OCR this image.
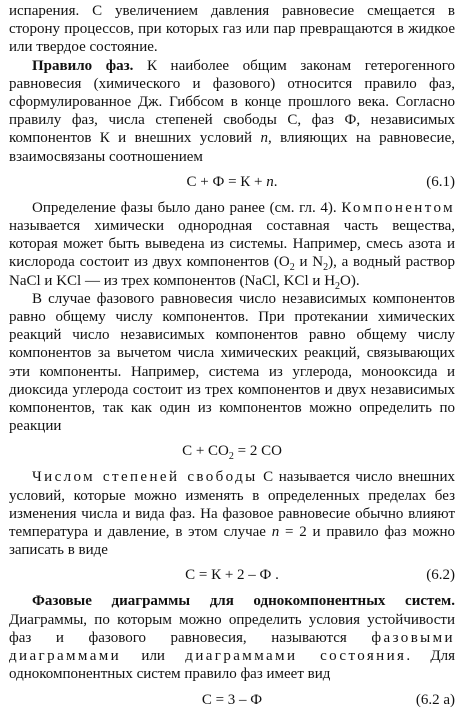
испарения. С увеличением давления равновесие смещается в сторону процессов, при которых газ или пар превращаются в жидкое или твердое состояние.

Правило фаз. К наиболее общим законам гетерогенного равновесия (химического и фазового) относится правило фаз, сформулированное Дж. Гиббсом в конце прошлого века. Согласно правилу фаз, числа степеней свободы С, фаз Ф, независимых компонентов К и внешних условий n, влияющих на равновесие, взаимосвязаны соотношением

С + Ф = К + n.	(6.1)

Определение фазы было дано ранее (см. гл. 4). Компонентом называется химически однородная составная часть вещества, которая может быть выведена из системы. Например, смесь азота и кислорода состоит из двух компонентов ($O_2$ и $N_2$), а водный раствор NaCl и KCl — из трех компонентов (NaCl, KCl и $H_2O$).

В случае фазового равновесия число независимых компонентов равно общему числу компонентов. При протекании химических реакций число независимых компонентов равно общему числу компонентов за вычетом числа химических реакций, связывающих эти компоненты. Например, система из углерода, монооксида и диоксида углерода состоит из трех компонентов и двух независимых компонентов, так как один из компонентов можно определить по реакции

$С + CO_2 = 2$ CO

Числом степеней свободы С называется число внешних условий, которые можно изменять в определенных пределах без изменения числа и вида фаз. На фазовое равновесие обычно влияют температура и давление, в этом случае n = 2 и правило фаз можно записать в виде

С = К + 2 – Ф .	(6.2)

Фазовые диаграммы для однокомпонентных систем. Диаграммы, по которым можно определить условия устойчивости фаз и фазового равновесия, называются фазовыми диаграммами или диаграммами состояния. Для однокомпонентных систем правило фаз имеет вид

С = 3 – Ф	(6.2 а)
